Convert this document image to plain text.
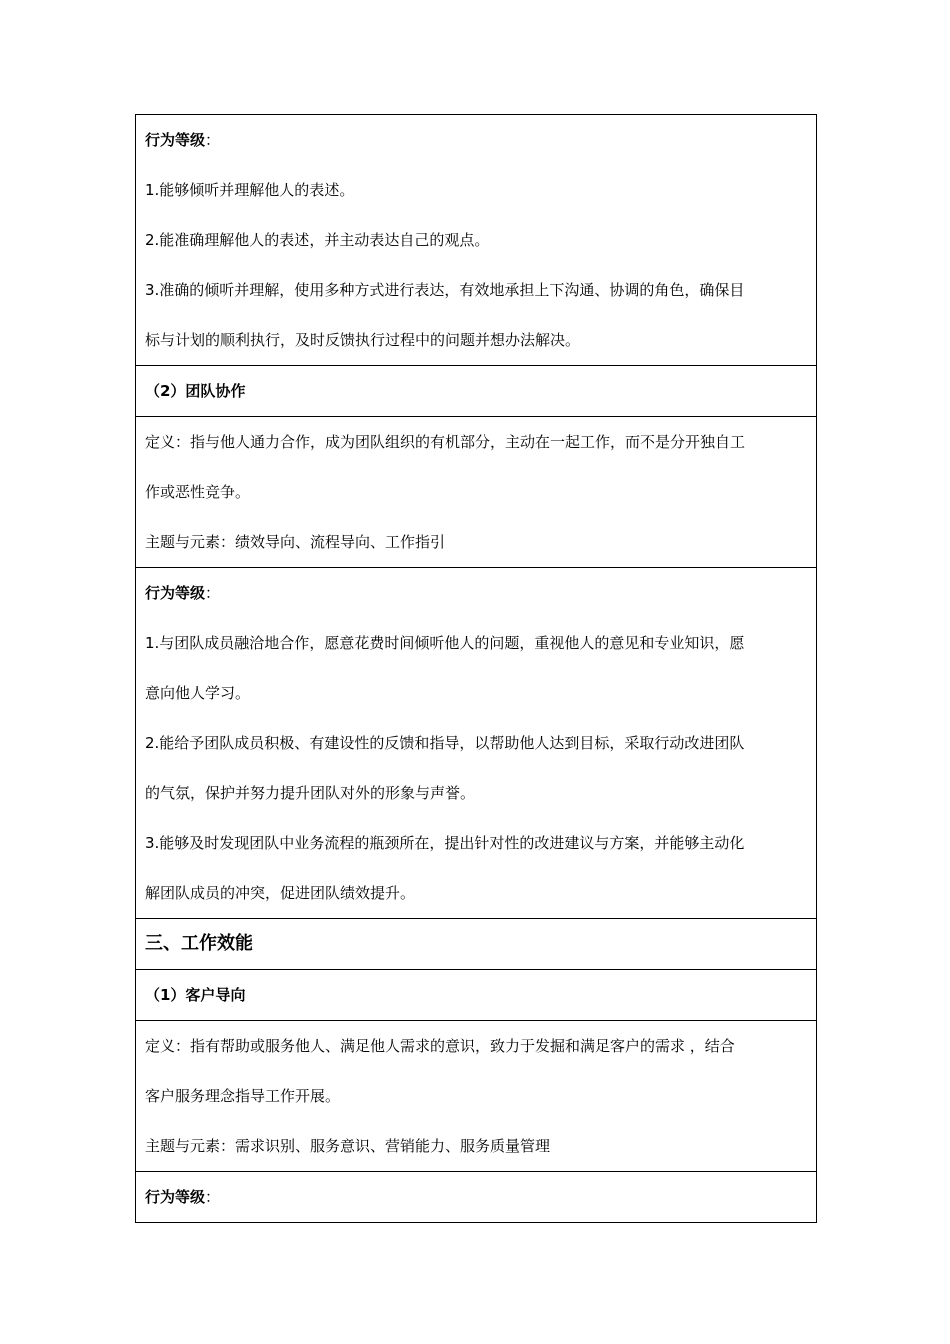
行为等级：
1.能够倾听并理解他人的表述。
2.能准确理解他人的表述，并主动表达自己的观点。
3.准确的倾听并理解，使用多种方式进行表达，有效地承担上下沟通、协调的角色，确保目
标与计划的顺利执行，及时反馈执行过程中的问题并想办法解决。
（2）团队协作
定义：指与他人通力合作，成为团队组织的有机部分，主动在一起工作，而不是分开独自工
作或恶性竞争。
主题与元素：绩效导向、流程导向、工作指引
行为等级：
1.与团队成员融洽地合作，愿意花费时间倾听他人的问题，重视他人的意见和专业知识，愿
意向他人学习。
2.能给予团队成员积极、有建设性的反馈和指导，以帮助他人达到目标，采取行动改进团队
的气氛，保护并努力提升团队对外的形象与声誉。
3.能够及时发现团队中业务流程的瓶颈所在，提出针对性的改进建议与方案，并能够主动化
解团队成员的冲突，促进团队绩效提升。
三、工作效能
（1）客户导向
定义：指有帮助或服务他人、满足他人需求的意识，致力于发掘和满足客户的需求 ，结合
客户服务理念指导工作开展。
主题与元素：需求识别、服务意识、营销能力、服务质量管理
行为等级：
